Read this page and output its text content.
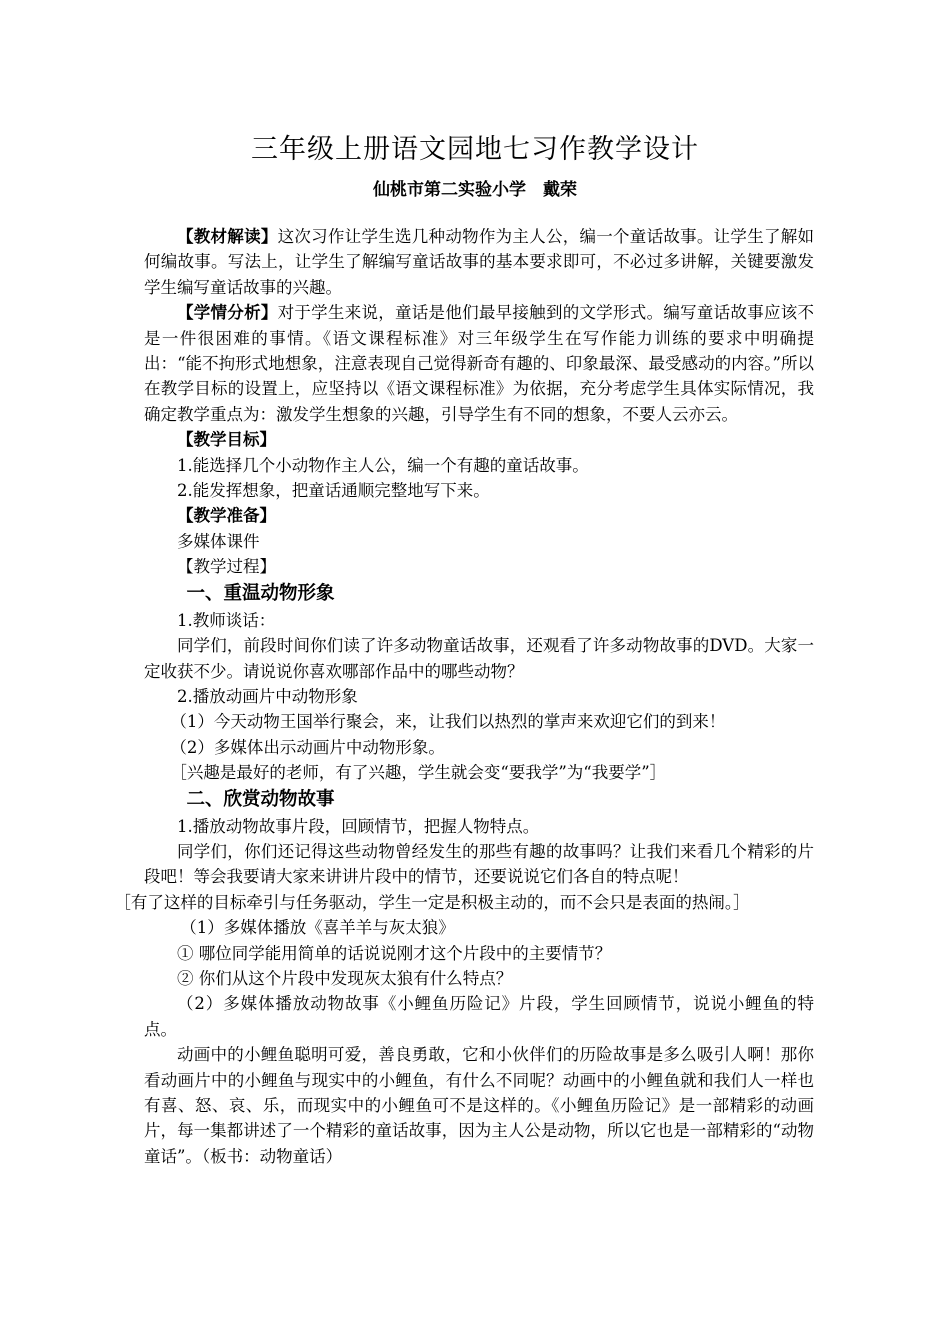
三年级上册语文园地七习作教学设计
仙桃市第二实验小学　戴荣

【教材解读】这次习作让学生选几种动物作为主人公，编一个童话故事。让学生了解如何编故事。写法上，让学生了解编写童话故事的基本要求即可，不必过多讲解，关键要激发学生编写童话故事的兴趣。

【学情分析】对于学生来说，童话是他们最早接触到的文学形式。编写童话故事应该不是一件很困难的事情。《语文课程标准》对三年级学生在写作能力训练的要求中明确提出：“能不拘形式地想象，注意表现自己觉得新奇有趣的、印象最深、最受感动的内容。”所以在教学目标的设置上，应坚持以《语文课程标准》为依据，充分考虑学生具体实际情况，我确定教学重点为：激发学生想象的兴趣，引导学生有不同的想象，不要人云亦云。

【教学目标】

1.能选择几个小动物作主人公，编一个有趣的童话故事。

2.能发挥想象，把童话通顺完整地写下来。

【教学准备】

多媒体课件

【教学过程】

一、重温动物形象

1.教师谈话：

同学们，前段时间你们读了许多动物童话故事，还观看了许多动物故事的DVD。大家一定收获不少。请说说你喜欢哪部作品中的哪些动物？

2.播放动画片中动物形象

（1）今天动物王国举行聚会，来，让我们以热烈的掌声来欢迎它们的到来！

（2）多媒体出示动画片中动物形象。

［兴趣是最好的老师，有了兴趣，学生就会变“要我学”为“我要学”］

二、欣赏动物故事

1.播放动物故事片段，回顾情节，把握人物特点。

同学们，你们还记得这些动物曾经发生的那些有趣的故事吗？让我们来看几个精彩的片段吧！等会我要请大家来讲讲片段中的情节，还要说说它们各自的特点呢！

［有了这样的目标牵引与任务驱动，学生一定是积极主动的，而不会只是表面的热闹。］

（1）多媒体播放《喜羊羊与灰太狼》

① 哪位同学能用简单的话说说刚才这个片段中的主要情节？

② 你们从这个片段中发现灰太狼有什么特点？

（2）多媒体播放动物故事《小鲤鱼历险记》片段，学生回顾情节，说说小鲤鱼的特点。

动画中的小鲤鱼聪明可爱，善良勇敢，它和小伙伴们的历险故事是多么吸引人啊！那你看动画片中的小鲤鱼与现实中的小鲤鱼，有什么不同呢？动画中的小鲤鱼就和我们人一样也有喜、怒、哀、乐，而现实中的小鲤鱼可不是这样的。《小鲤鱼历险记》是一部精彩的动画片，每一集都讲述了一个精彩的童话故事，因为主人公是动物，所以它也是一部精彩的“动物童话”。（板书：动物童话）
